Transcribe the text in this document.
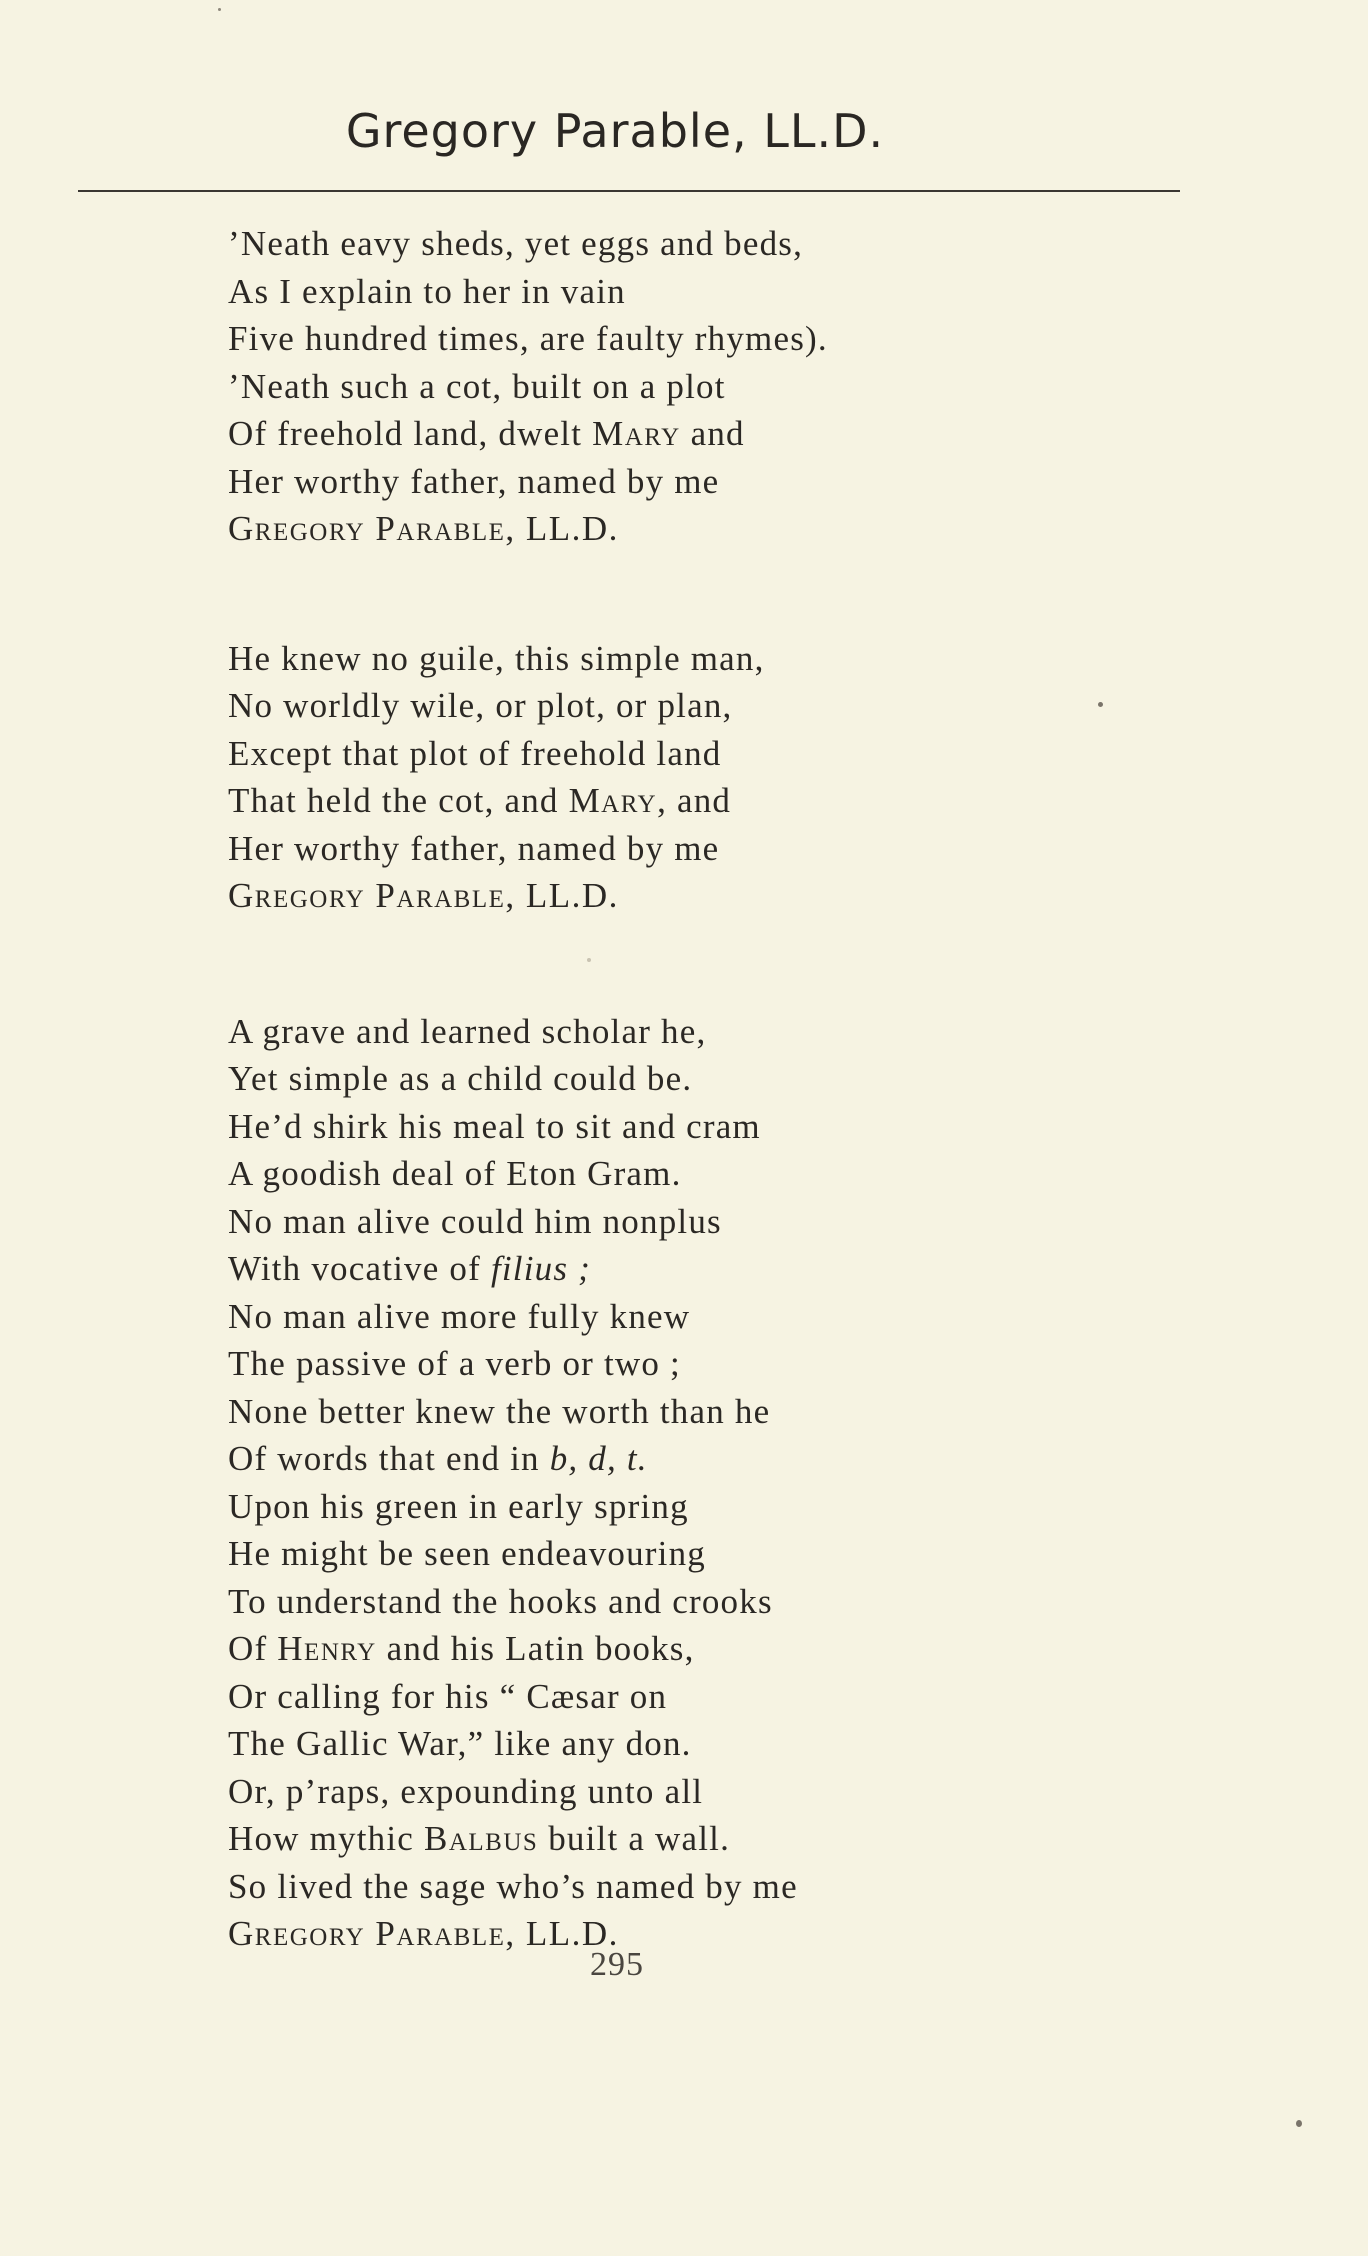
Gregory Parable, LL.D.
’Neath eavy sheds, yet eggs and beds,
As I explain to her in vain
Five hundred times, are faulty rhymes).
’Neath such a cot, built on a plot
Of freehold land, dwelt Mary and
Her worthy father, named by me
Gregory Parable, LL.D.
He knew no guile, this simple man,
No worldly wile, or plot, or plan,
Except that plot of freehold land
That held the cot, and Mary, and
Her worthy father, named by me
Gregory Parable, LL.D.
A grave and learned scholar he,
Yet simple as a child could be.
He’d shirk his meal to sit and cram
A goodish deal of Eton Gram.
No man alive could him nonplus
With vocative of filius ;
No man alive more fully knew
The passive of a verb or two ;
None better knew the worth than he
Of words that end in b, d, t.
Upon his green in early spring
He might be seen endeavouring
To understand the hooks and crooks
Of Henry and his Latin books,
Or calling for his “ Cæsar on
The Gallic War,” like any don.
Or, p’raps, expounding unto all
How mythic Balbus built a wall.
So lived the sage who’s named by me
Gregory Parable, LL.D.
295
